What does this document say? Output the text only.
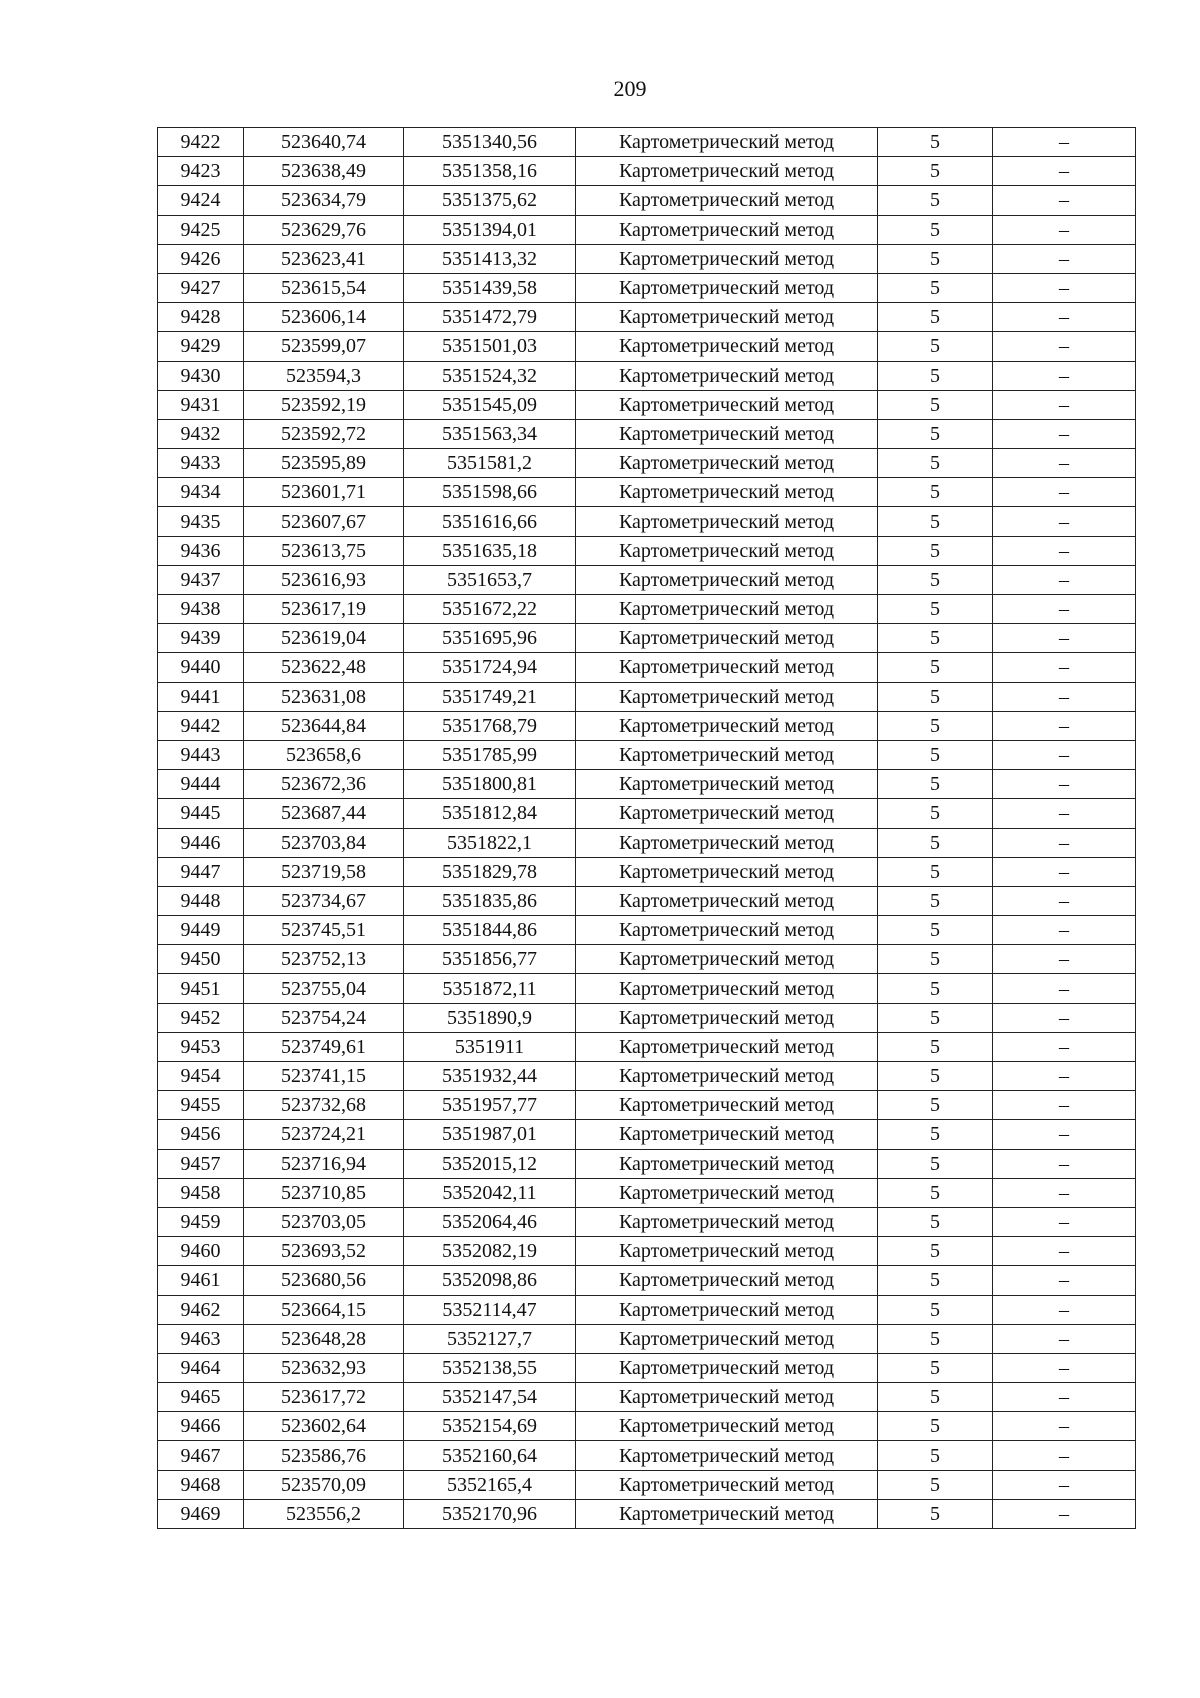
209
9422	523640,74	5351340,56	Картометрический метод	5	–
9423	523638,49	5351358,16	Картометрический метод	5	–
9424	523634,79	5351375,62	Картометрический метод	5	–
9425	523629,76	5351394,01	Картометрический метод	5	–
9426	523623,41	5351413,32	Картометрический метод	5	–
9427	523615,54	5351439,58	Картометрический метод	5	–
9428	523606,14	5351472,79	Картометрический метод	5	–
9429	523599,07	5351501,03	Картометрический метод	5	–
9430	523594,3	5351524,32	Картометрический метод	5	–
9431	523592,19	5351545,09	Картометрический метод	5	–
9432	523592,72	5351563,34	Картометрический метод	5	–
9433	523595,89	5351581,2	Картометрический метод	5	–
9434	523601,71	5351598,66	Картометрический метод	5	–
9435	523607,67	5351616,66	Картометрический метод	5	–
9436	523613,75	5351635,18	Картометрический метод	5	–
9437	523616,93	5351653,7	Картометрический метод	5	–
9438	523617,19	5351672,22	Картометрический метод	5	–
9439	523619,04	5351695,96	Картометрический метод	5	–
9440	523622,48	5351724,94	Картометрический метод	5	–
9441	523631,08	5351749,21	Картометрический метод	5	–
9442	523644,84	5351768,79	Картометрический метод	5	–
9443	523658,6	5351785,99	Картометрический метод	5	–
9444	523672,36	5351800,81	Картометрический метод	5	–
9445	523687,44	5351812,84	Картометрический метод	5	–
9446	523703,84	5351822,1	Картометрический метод	5	–
9447	523719,58	5351829,78	Картометрический метод	5	–
9448	523734,67	5351835,86	Картометрический метод	5	–
9449	523745,51	5351844,86	Картометрический метод	5	–
9450	523752,13	5351856,77	Картометрический метод	5	–
9451	523755,04	5351872,11	Картометрический метод	5	–
9452	523754,24	5351890,9	Картометрический метод	5	–
9453	523749,61	5351911	Картометрический метод	5	–
9454	523741,15	5351932,44	Картометрический метод	5	–
9455	523732,68	5351957,77	Картометрический метод	5	–
9456	523724,21	5351987,01	Картометрический метод	5	–
9457	523716,94	5352015,12	Картометрический метод	5	–
9458	523710,85	5352042,11	Картометрический метод	5	–
9459	523703,05	5352064,46	Картометрический метод	5	–
9460	523693,52	5352082,19	Картометрический метод	5	–
9461	523680,56	5352098,86	Картометрический метод	5	–
9462	523664,15	5352114,47	Картометрический метод	5	–
9463	523648,28	5352127,7	Картометрический метод	5	–
9464	523632,93	5352138,55	Картометрический метод	5	–
9465	523617,72	5352147,54	Картометрический метод	5	–
9466	523602,64	5352154,69	Картометрический метод	5	–
9467	523586,76	5352160,64	Картометрический метод	5	–
9468	523570,09	5352165,4	Картометрический метод	5	–
9469	523556,2	5352170,96	Картометрический метод	5	–
